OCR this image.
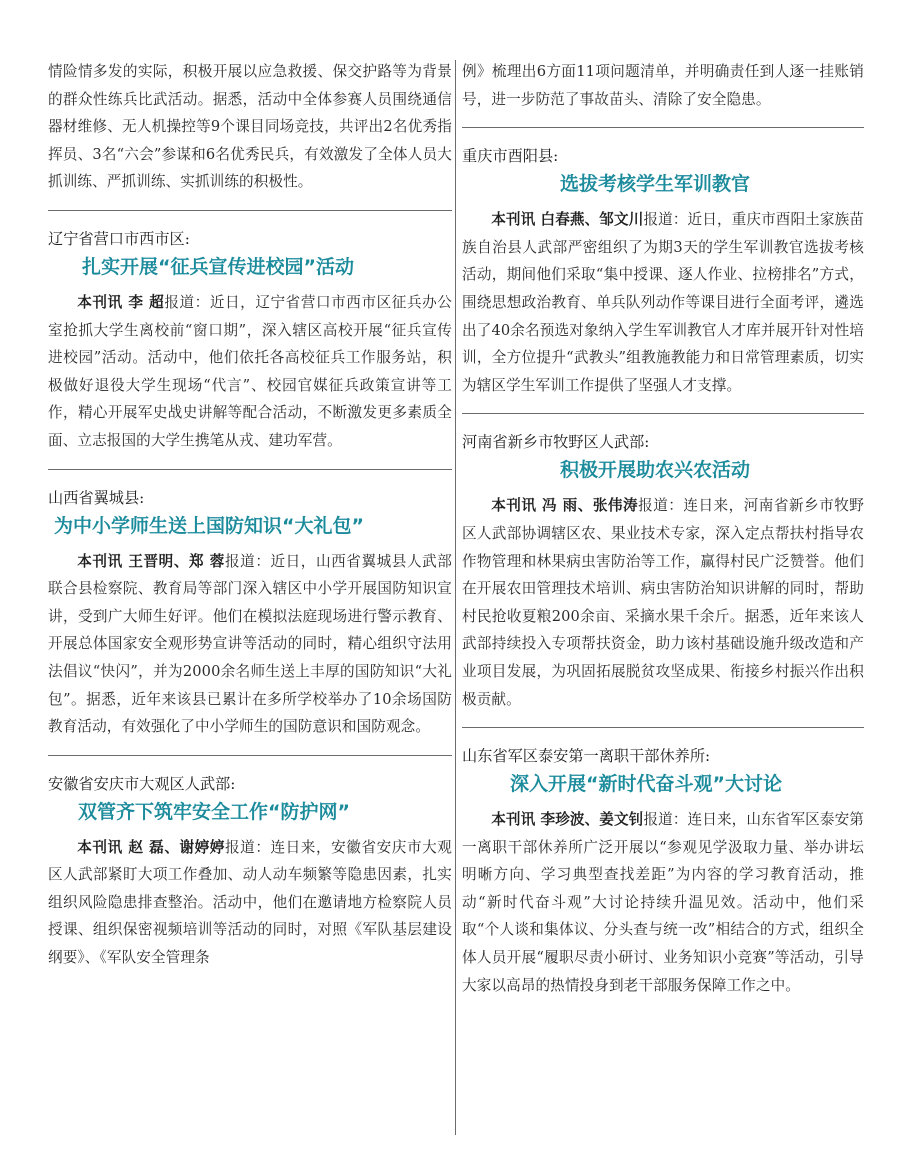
情险情多发的实际，积极开展以应急救援、保交护路等为背景的群众性练兵比武活动。据悉，活动中全体参赛人员围绕通信器材维修、无人机操控等9个课目同场竞技，共评出2名优秀指挥员、3名“六会”参谋和6名优秀民兵，有效激发了全体人员大抓训练、严抓训练、实抓训练的积极性。

辽宁省营口市西市区:
扎实开展“征兵宣传进校园”活动

本刊讯 李 超报道：近日，辽宁省营口市西市区征兵办公室抢抓大学生离校前“窗口期”，深入辖区高校开展“征兵宣传进校园”活动。活动中，他们依托各高校征兵工作服务站，积极做好退役大学生现场“代言”、校园官媒征兵政策宣讲等工作，精心开展军史战史讲解等配合活动，不断激发更多素质全面、立志报国的大学生携笔从戎、建功军营。

山西省翼城县:
为中小学师生送上国防知识“大礼包”

本刊讯 王晋明、郑 蓉报道：近日，山西省翼城县人武部联合县检察院、教育局等部门深入辖区中小学开展国防知识宣讲，受到广大师生好评。他们在模拟法庭现场进行警示教育、开展总体国家安全观形势宣讲等活动的同时，精心组织守法用法倡议“快闪”，并为2000余名师生送上丰厚的国防知识“大礼包”。据悉，近年来该县已累计在多所学校举办了10余场国防教育活动，有效强化了中小学师生的国防意识和国防观念。

安徽省安庆市大观区人武部:
双管齐下筑牢安全工作“防护网”

本刊讯 赵 磊、谢婷婷报道：连日来，安徽省安庆市大观区人武部紧盯大项工作叠加、动人动车频繁等隐患因素，扎实组织风险隐患排查整治。活动中，他们在邀请地方检察院人员授课、组织保密视频培训等活动的同时，对照《军队基层建设纲要》、《军队安全管理条

例》梳理出6方面11项问题清单，并明确责任到人逐一挂账销号，进一步防范了事故苗头、清除了安全隐患。

重庆市酉阳县:
选拔考核学生军训教官

本刊讯 白春燕、邹文川报道：近日，重庆市酉阳土家族苗族自治县人武部严密组织了为期3天的学生军训教官选拔考核活动，期间他们采取“集中授课、逐人作业、拉榜排名”方式，围绕思想政治教育、单兵队列动作等课目进行全面考评，遴选出了40余名预选对象纳入学生军训教官人才库并展开针对性培训，全方位提升“武教头”组教施教能力和日常管理素质，切实为辖区学生军训工作提供了坚强人才支撑。

河南省新乡市牧野区人武部:
积极开展助农兴农活动

本刊讯 冯 雨、张伟涛报道：连日来，河南省新乡市牧野区人武部协调辖区农、果业技术专家，深入定点帮扶村指导农作物管理和林果病虫害防治等工作，赢得村民广泛赞誉。他们在开展农田管理技术培训、病虫害防治知识讲解的同时，帮助村民抢收夏粮200余亩、采摘水果千余斤。据悉，近年来该人武部持续投入专项帮扶资金，助力该村基础设施升级改造和产业项目发展，为巩固拓展脱贫攻坚成果、衔接乡村振兴作出积极贡献。

山东省军区泰安第一离职干部休养所:
深入开展“新时代奋斗观”大讨论

本刊讯 李珍波、姜文钊报道：连日来，山东省军区泰安第一离职干部休养所广泛开展以“参观见学汲取力量、举办讲坛明晰方向、学习典型查找差距”为内容的学习教育活动，推动“新时代奋斗观”大讨论持续升温见效。活动中，他们采取“个人谈和集体议、分头查与统一改”相结合的方式，组织全体人员开展“履职尽责小研讨、业务知识小竞赛”等活动，引导大家以高昂的热情投身到老干部服务保障工作之中。
